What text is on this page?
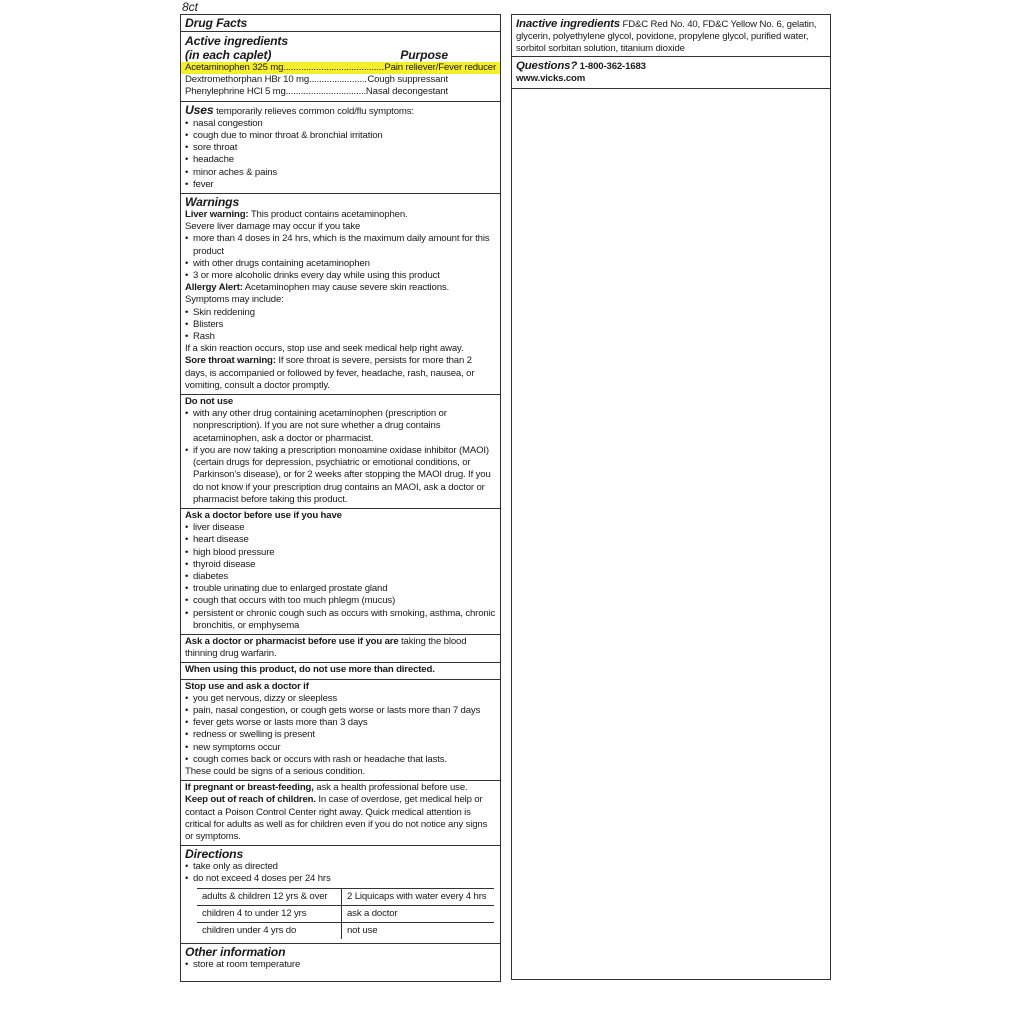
8ct
Drug Facts
Active ingredients
(in each caplet)	Purpose
Acetaminophen 325 mg .....	Pain reliever/Fever reducer
Dextromethorphan HBr 10 mg .....	Cough suppressant
Phenylephrine HCl 5 mg .....	Nasal decongestant
Uses temporarily relieves common cold/flu symptoms:
• nasal congestion
• cough due to minor throat & bronchial irritation
• sore throat
• headache
• minor aches & pains
• fever
Warnings
Liver warning: This product contains acetaminophen.
Severe liver damage may occur if you take
• more than 4 doses in 24 hrs, which is the maximum daily amount for this product
• with other drugs containing acetaminophen
• 3 or more alcoholic drinks every day while using this product
Allergy Alert: Acetaminophen may cause severe skin reactions.
Symptoms may include:
• Skin reddening
• Blisters
• Rash
If a skin reaction occurs, stop use and seek medical help right away.
Sore throat warning: If sore throat is severe, persists for more than 2 days, is accompanied or followed by fever, headache, rash, nausea, or vomiting, consult a doctor promptly.
Do not use
• with any other drug containing acetaminophen (prescription or nonprescription). If you are not sure whether a drug contains acetaminophen, ask a doctor or pharmacist.
• if you are now taking a prescription monoamine oxidase inhibitor (MAOI) (certain drugs for depression, psychiatric or emotional conditions, or Parkinson’s disease), or for 2 weeks after stopping the MAOI drug. If you do not know if your prescription drug contains an MAOI, ask a doctor or pharmacist before taking this product.
Ask a doctor before use if you have
• liver disease
• heart disease
• high blood pressure
• thyroid disease
• diabetes
• trouble urinating due to enlarged prostate gland
• cough that occurs with too much phlegm (mucus)
• persistent or chronic cough such as occurs with smoking, asthma, chronic bronchitis, or emphysema
Ask a doctor or pharmacist before use if you are taking the blood thinning drug warfarin.
When using this product, do not use more than directed.
Stop use and ask a doctor if
• you get nervous, dizzy or sleepless
• pain, nasal congestion, or cough gets worse or lasts more than 7 days
• fever gets worse or lasts more than 3 days
• redness or swelling is present
• new symptoms occur
• cough comes back or occurs with rash or headache that lasts.
These could be signs of a serious condition.
If pregnant or breast-feeding, ask a health professional before use.
Keep out of reach of children. In case of overdose, get medical help or contact a Poison Control Center right away. Quick medical attention is critical for adults as well as for children even if you do not notice any signs or symptoms.
Directions
• take only as directed
• do not exceed 4 doses per 24 hrs
adults & children 12 yrs & over	2 Liquicaps with water every 4 hrs
children 4 to under 12 yrs	ask a doctor
children under 4 yrs do	not use
Other information
• store at room temperature
Inactive ingredients FD&C Red No. 40, FD&C Yellow No. 6, gelatin, glycerin, polyethylene glycol, povidone, propylene glycol, purified water, sorbitol sorbitan solution, titanium dioxide
Questions? 1-800-362-1683
www.vicks.com
